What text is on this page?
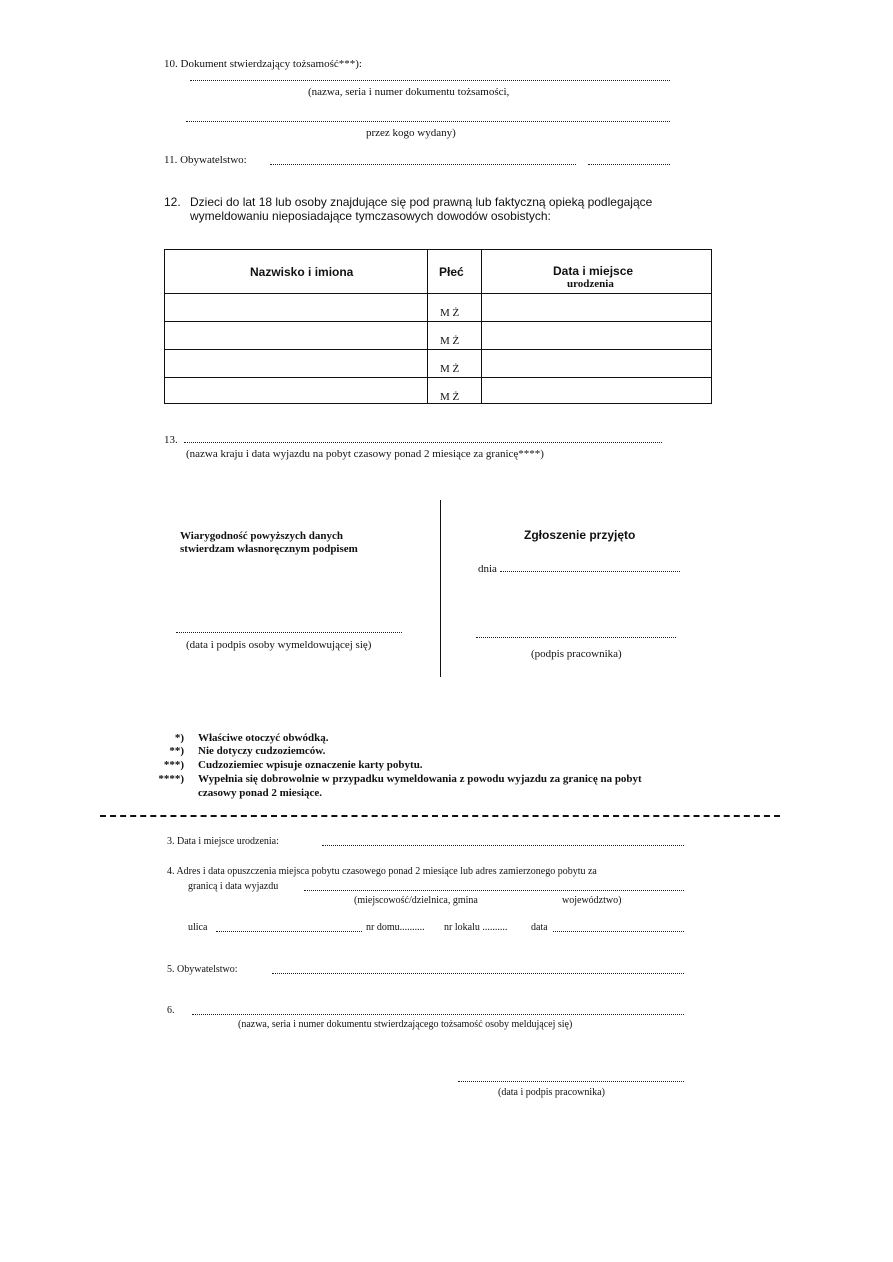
10. Dokument stwierdzający tożsamość***):
(nazwa, seria i numer dokumentu tożsamości,
przez kogo wydany)
11. Obywatelstwo:
12. Dzieci do lat 18 lub osoby znajdujące się pod prawną lub faktyczną opieką podlegające
wymeldowaniu nieposiadające tymczasowych dowodów osobistych:
Nazwisko i imiona	Płeć	Data i miejsce
urodzenia
M Ż
M Ż
M Ż
M Ż
13.
(nazwa kraju i data wyjazdu na pobyt czasowy ponad 2 miesiące za granicę****)
Wiarygodność powyższych danych
stwierdzam własnoręcznym podpisem
(data i podpis osoby wymeldowującej się)
Zgłoszenie przyjęto
dnia
(podpis pracownika)
*) Właściwe otoczyć obwódką.
**) Nie dotyczy cudzoziemców.
***) Cudzoziemiec wpisuje oznaczenie karty pobytu.
****) Wypełnia się dobrowolnie w przypadku wymeldowania z powodu wyjazdu za granicę na pobyt
czasowy ponad 2 miesiące.
3. Data i miejsce urodzenia:
4. Adres i data opuszczenia miejsca pobytu czasowego ponad 2 miesiące lub adres zamierzonego pobytu za
granicą i data wyjazdu
(miejscowość/dzielnica, gmina	województwo)
ulica	nr domu.......... nr lokalu .......... data
5. Obywatelstwo:
6.
(nazwa, seria i numer dokumentu stwierdzającego tożsamość osoby meldującej się)
(data i podpis pracownika)
